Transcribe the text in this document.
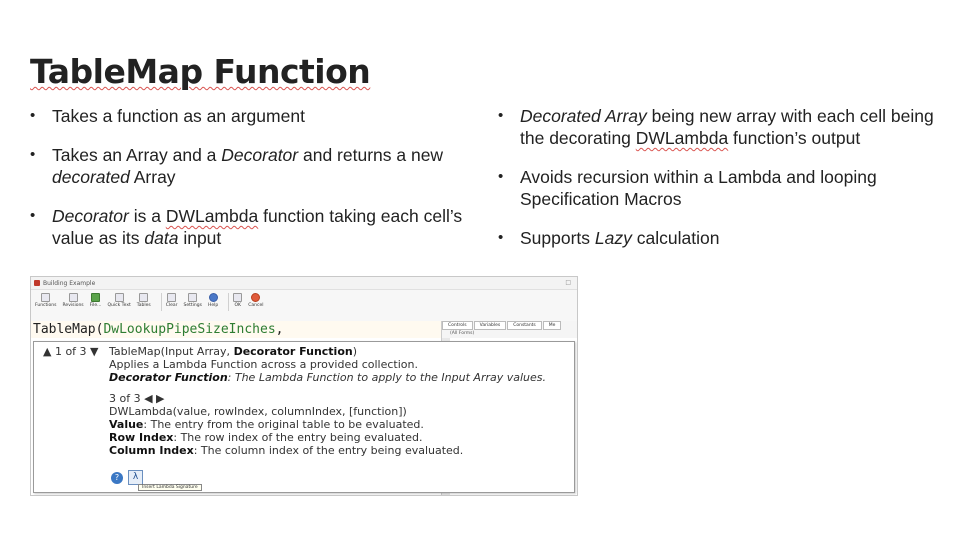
TableMap Function
• Takes a function as an argument
• Takes an Array and a Decorator and returns a new decorated Array
• Decorator is a DWLambda function taking each cell’s value as its data input
• Decorated Array being new array with each cell being the decorating DWLambda function’s output
• Avoids recursion within a Lambda and looping Specification Macros
• Supports Lazy calculation
Building Example	□
Functions Revisions File... Quick Text Tables	Clear Settings Help	OK Cancel
TableMap(DwLookupPipeSizeInches,	Controls	Variables	Constants	Me
(All Forms)
▲ 1 of 3 ▼ TableMap(Input Array, Decorator Function)
Applies a Lambda Function across a provided collection.
Decorator Function: The Lambda Function to apply to the Input Array values.
3 of 3 ◀ ▶
DWLambda(value, rowIndex, columnIndex, [function])
Value: The entry from the original table to be evaluated.
Row Index: The row index of the entry being evaluated.
Column Index: The column index of the entry being evaluated.
?	λ
Insert Lambda Signature
